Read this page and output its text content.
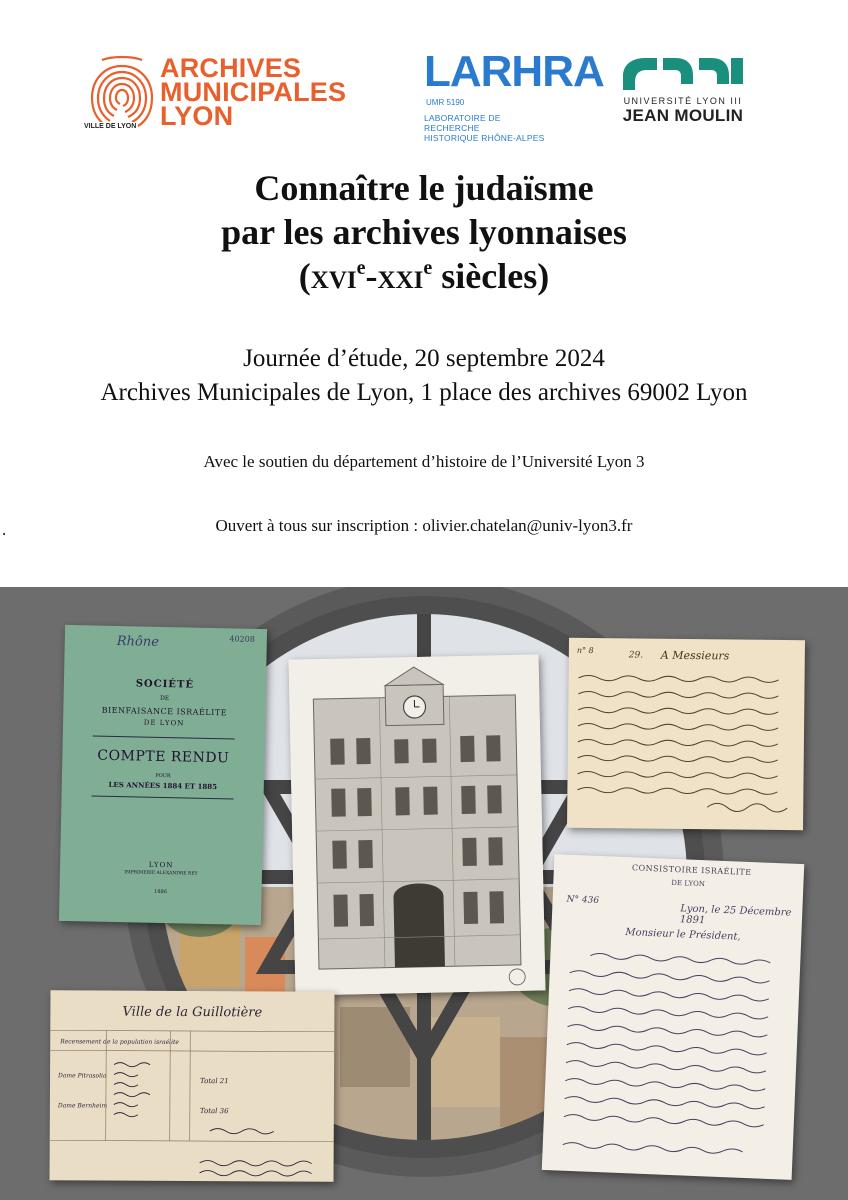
ARCHIVES
MUNICIPALES
LYON
VILLE DE LYON
LARHRA
UMR 5190
LABORATOIRE DE RECHERCHE
HISTORIQUE RHÔNE-ALPES
UNIVERSITÉ LYON III
JEAN MOULIN
Connaître le judaïsme
par les archives lyonnaises
(xvi$^e$-xxi$^e$ siècles)
Journée d’étude, 20 septembre 2024
Archives Municipales de Lyon, 1 place des archives 69002 Lyon
Avec le soutien du département d’histoire de l’Université Lyon 3
.	Ouvert à tous sur inscription : olivier.chatelan@univ-lyon3.fr
40208
Rhône
SOCIÉTÉ
DE
BIENFAISANCE ISRAÉLITE
DE LYON
COMPTE RENDU
POUR
LES ANNÉES 1884 ET 1885
LYON
IMPRIMERIE ALEXANDRE REY
1886
n° 8	29. A Messieurs
CONSISTOIRE ISRAÉLITE
DE LYON
N° 436
Lyon, le 25 Décembre 1891
Monsieur le Président,
Ville de la Guillotière
Recensement de la population israélite
Dame Pitrasolia
Dame Bernheim
Total 21
Total 36
